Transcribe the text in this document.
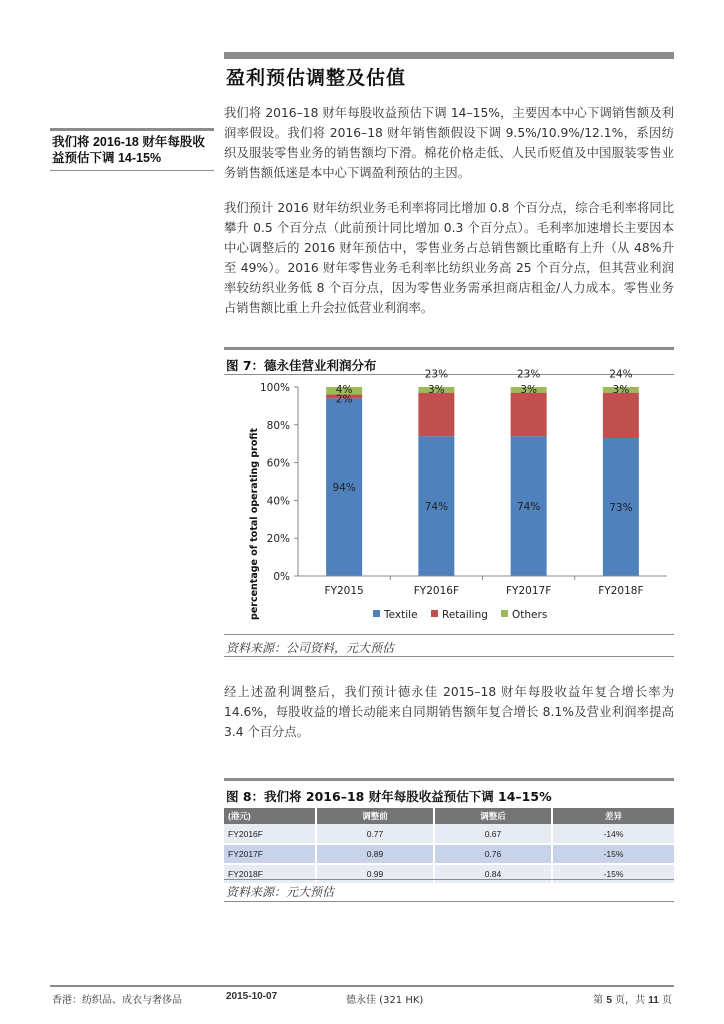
盈利预估调整及估值
我们将 2016-18 财年每股收益预估下调 14-15%

我们将 2016–18 财年每股收益预估下调 14–15%，主要因本中心下调销售额及利润率假设。我们将 2016–18 财年销售额假设下调 9.5%/10.9%/12.1%，系因纺织及服装零售业务的销售额均下滑。棉花价格走低、人民币贬值及中国服装零售业务销售额低迷是本中心下调盈利预估的主因。

我们预计 2016 财年纺织业务毛利率将同比增加 0.8 个百分点，综合毛利率将同比攀升 0.5 个百分点（此前预计同比增加 0.3 个百分点）。毛利率加速增长主要因本中心调整后的 2016 财年预估中，零售业务占总销售额比重略有上升（从 48%升至 49%）。2016 财年零售业务毛利率比纺织业务高 25 个百分点，但其营业利润率较纺织业务低 8 个百分点，因为零售业务需承担商店租金/人力成本。零售业务占销售额比重上升会拉低营业利润率。

图 7：德永佳营业利润分布
94%
2%
4%
74%
23%
3%
74%
23%
3%
73%
24%
3%
0%
20%
40%
60%
80%
100%
FY2015	FY2016F	FY2017F	FY2018F
Textile Retailing Others
percentage of total operating profit
资料来源：公司资料，元大预估

经上述盈利调整后，我们预计德永佳 2015–18 财年每股收益年复合增长率为 14.6%，每股收益的增长动能来自同期销售额年复合增长 8.1%及营业利润率提高 3.4 个百分点。

图 8：我们将 2016–18 财年每股收益预估下调 14–15%
(港元)	调整前	调整后	差异
FY2016F	0.77	0.67	-14%
FY2017F	0.89	0.76	-15%
FY2018F	0.99	0.84	-15%
资料来源：元大预估
香港：纺织品、成衣与奢侈品	2015-10-07	德永佳 (321 HK)	第 5 页，共 11 页
